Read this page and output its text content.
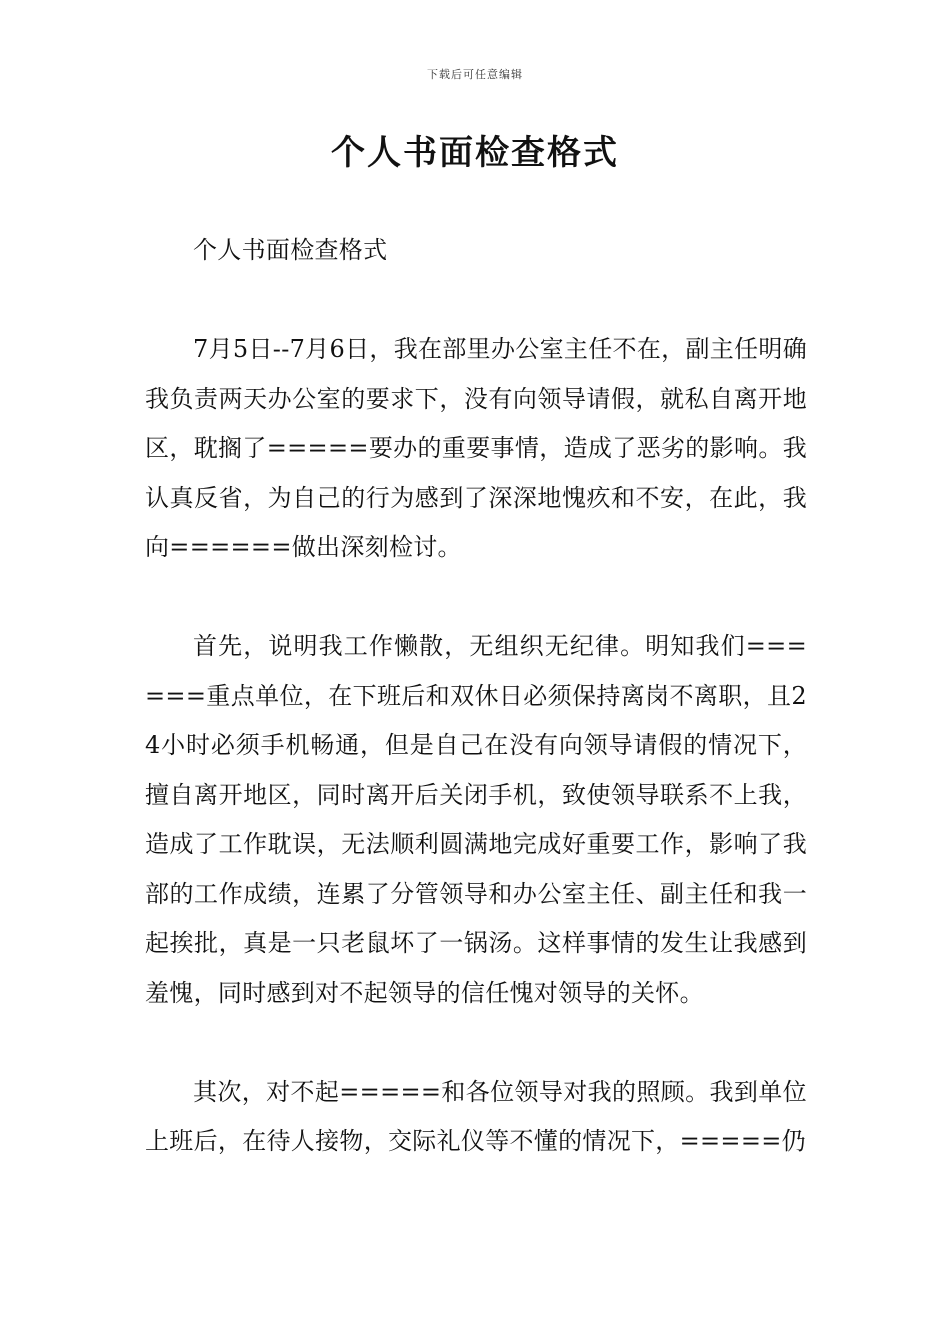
下载后可任意编辑
个人书面检查格式

个人书面检查格式

7月5日--7月6日，我在部里办公室主任不在，副主任明确我负责两天办公室的要求下，没有向领导请假，就私自离开地区，耽搁了=====要办的重要事情，造成了恶劣的影响。我认真反省，为自己的行为感到了深深地愧疚和不安，在此，我向======做出深刻检讨。

首先，说明我工作懒散，无组织无纪律。明知我们======重点单位，在下班后和双休日必须保持离岗不离职，且24小时必须手机畅通，但是自己在没有向领导请假的情况下，擅自离开地区，同时离开后关闭手机，致使领导联系不上我，造成了工作耽误，无法顺利圆满地完成好重要工作，影响了我部的工作成绩，连累了分管领导和办公室主任、副主任和我一起挨批，真是一只老鼠坏了一锅汤。这样事情的发生让我感到羞愧，同时感到对不起领导的信任愧对领导的关怀。

其次，对不起=====和各位领导对我的照顾。我到单位上班后，在待人接物，交际礼仪等不懂的情况下，=====仍
